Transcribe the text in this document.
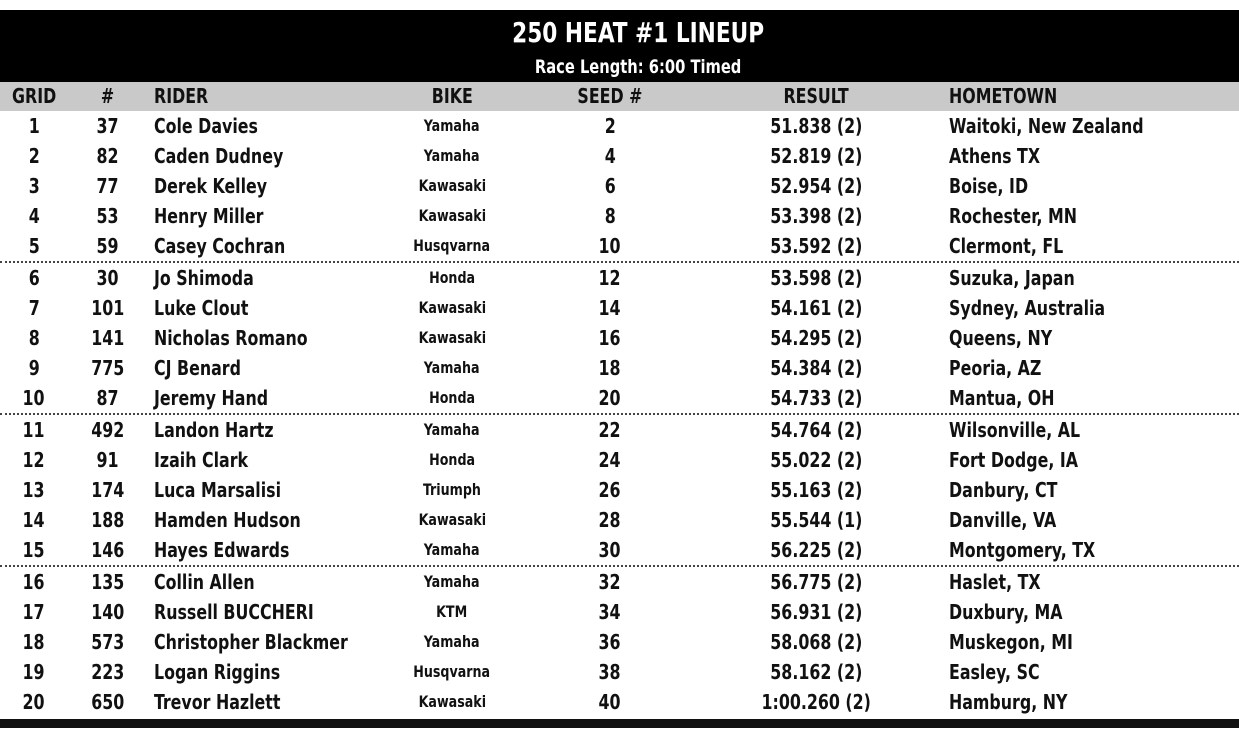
250 HEAT #1 LINEUP
Race Length: 6:00 Timed
GRID	#	RIDER	BIKE	SEED #	RESULT	HOMETOWN
1	37	Cole Davies	Yamaha	2	51.838 (2)	Waitoki, New Zealand
2	82	Caden Dudney	Yamaha	4	52.819 (2)	Athens TX
3	77	Derek Kelley	Kawasaki	6	52.954 (2)	Boise, ID
4	53	Henry Miller	Kawasaki	8	53.398 (2)	Rochester, MN
5	59	Casey Cochran	Husqvarna	10	53.592 (2)	Clermont, FL
6	30	Jo Shimoda	Honda	12	53.598 (2)	Suzuka, Japan
7	101	Luke Clout	Kawasaki	14	54.161 (2)	Sydney, Australia
8	141	Nicholas Romano	Kawasaki	16	54.295 (2)	Queens, NY
9	775	CJ Benard	Yamaha	18	54.384 (2)	Peoria, AZ
10	87	Jeremy Hand	Honda	20	54.733 (2)	Mantua, OH
11	492	Landon Hartz	Yamaha	22	54.764 (2)	Wilsonville, AL
12	91	Izaih Clark	Honda	24	55.022 (2)	Fort Dodge, IA
13	174	Luca Marsalisi	Triumph	26	55.163 (2)	Danbury, CT
14	188	Hamden Hudson	Kawasaki	28	55.544 (1)	Danville, VA
15	146	Hayes Edwards	Yamaha	30	56.225 (2)	Montgomery, TX
16	135	Collin Allen	Yamaha	32	56.775 (2)	Haslet, TX
17	140	Russell BUCCHERI	KTM	34	56.931 (2)	Duxbury, MA
18	573	Christopher Blackmer	Yamaha	36	58.068 (2)	Muskegon, MI
19	223	Logan Riggins	Husqvarna	38	58.162 (2)	Easley, SC
20	650	Trevor Hazlett	Kawasaki	40	1:00.260 (2)	Hamburg, NY
